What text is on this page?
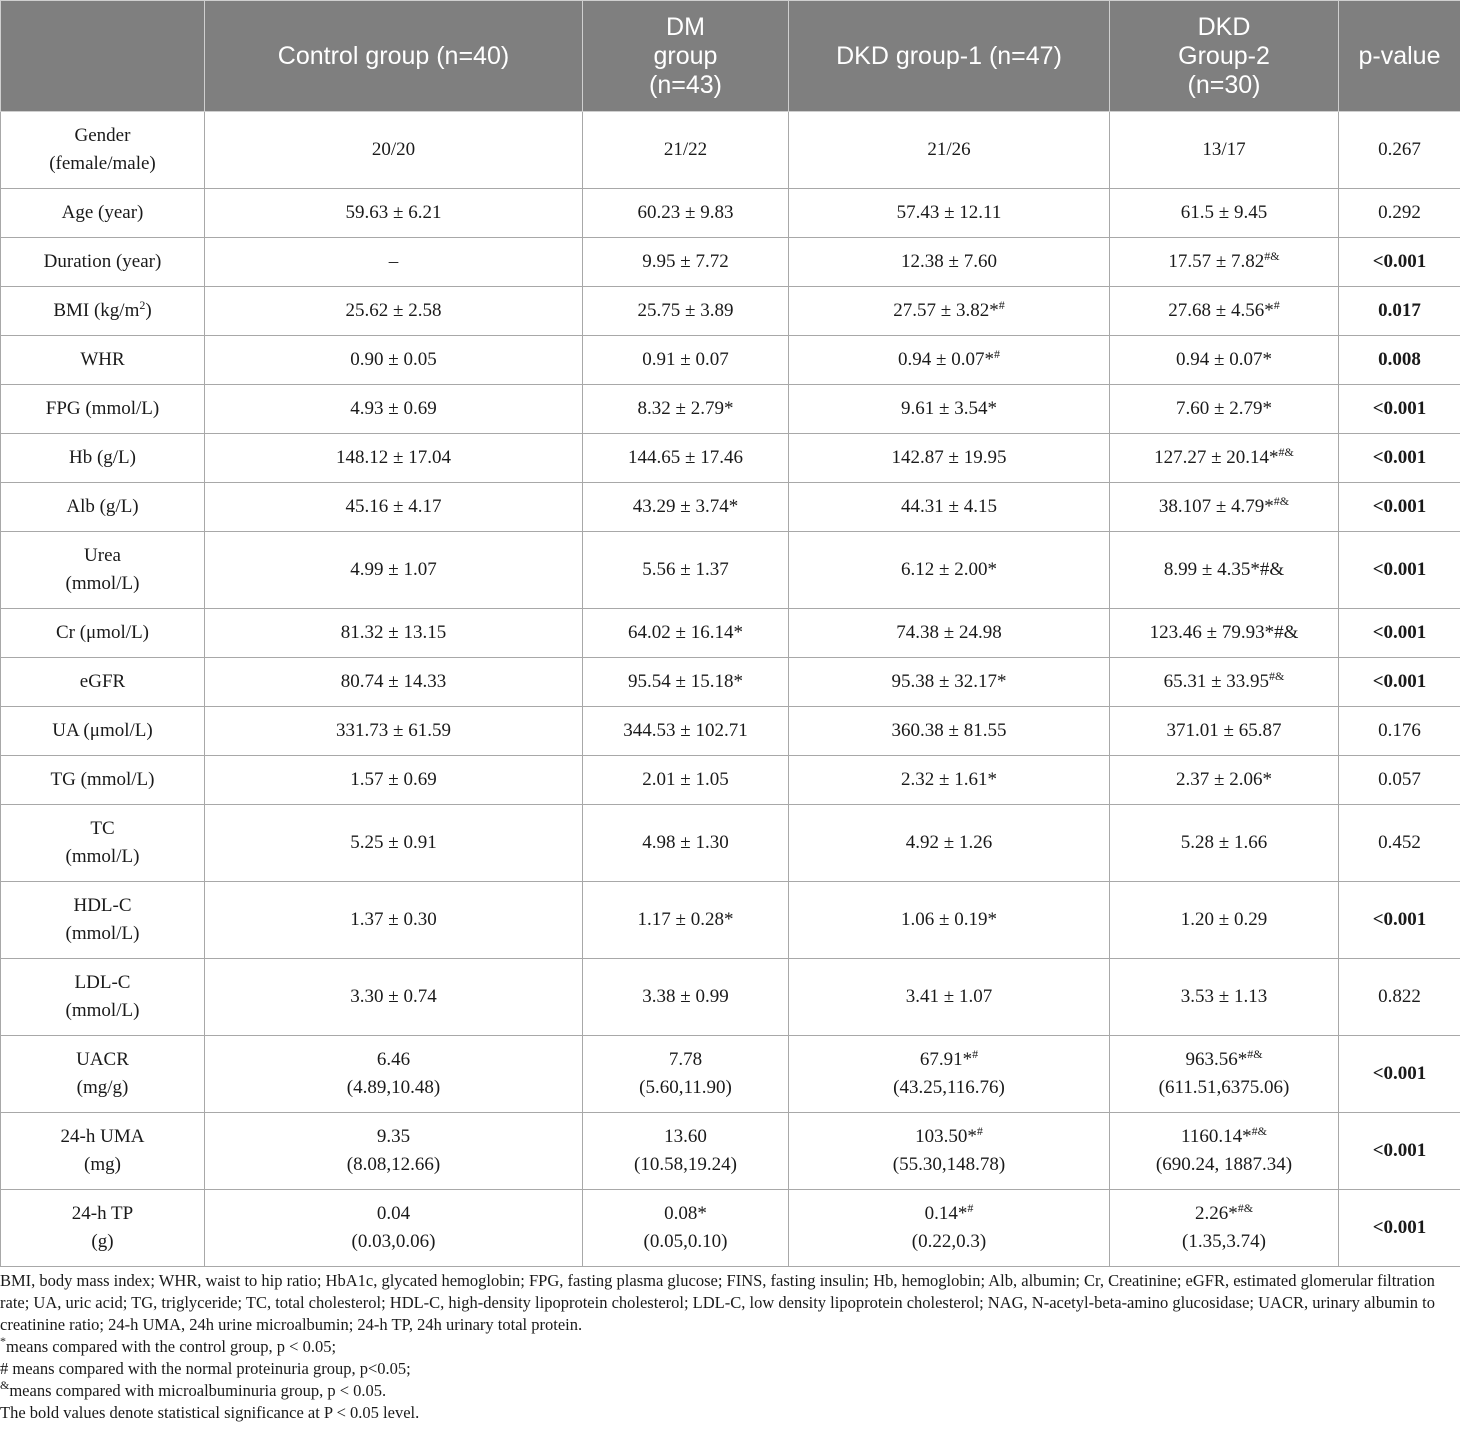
	Control group (n=40)	DM
group
(n=43)	DKD group-1 (n=47)	DKD
Group-2
(n=30)	p-value

Gender
(female/male)	20/20	21/22	21/26	13/17	0.267

Age (year)	59.63 ± 6.21	60.23 ± 9.83	57.43 ± 12.11	61.5 ± 9.45	0.292

Duration (year)	–	9.95 ± 7.72	12.38 ± 7.60	17.57 ± 7.82#&	<0.001
BMI $(kg/m^2)$	25.62 ± 2.58	25.75 ± 3.89	27.57 ± 3.82*#	27.68 ± 4.56*#	0.017

WHR	0.90 ± 0.05	0.91 ± 0.07	0.94 ± 0.07*#	0.94 ± 0.07*	0.008

FPG (mmol/L)	4.93 ± 0.69	8.32 ± 2.79*	9.61 ± 3.54*	7.60 ± 2.79*	<0.001

Hb (g/L)	148.12 ± 17.04	144.65 ± 17.46	142.87 ± 19.95	127.27 ± 20.14*#&	<0.001

Alb (g/L)	45.16 ± 4.17	43.29 ± 3.74*	44.31 ± 4.15	38.107 ± 4.79*#&	<0.001

Urea
(mmol/L)	4.99 ± 1.07	5.56 ± 1.37	6.12 ± 2.00*	8.99 ± 4.35*#&	<0.001

Cr (μmol/L)	81.32 ± 13.15	64.02 ± 16.14*	74.38 ± 24.98	123.46 ± 79.93*#&	<0.001

eGFR	80.74 ± 14.33	95.54 ± 15.18*	95.38 ± 32.17*	65.31 ± 33.95#&	<0.001

UA (μmol/L)	331.73 ± 61.59	344.53 ± 102.71	360.38 ± 81.55	371.01 ± 65.87	0.176

TG (mmol/L)	1.57 ± 0.69	2.01 ± 1.05	2.32 ± 1.61*	2.37 ± 2.06*	0.057

TC
(mmol/L)	5.25 ± 0.91	4.98 ± 1.30	4.92 ± 1.26	5.28 ± 1.66	0.452

HDL-C
(mmol/L)	1.37 ± 0.30	1.17 ± 0.28*	1.06 ± 0.19*	1.20 ± 0.29	<0.001

LDL-C
(mmol/L)	3.30 ± 0.74	3.38 ± 0.99	3.41 ± 1.07	3.53 ± 1.13	0.822

UACR
(mg/g)	6.46
(4.89,10.48)	7.78
(5.60,11.90)	67.91*#
(43.25,116.76)	963.56*#&
(611.51,6375.06)	<0.001

24-h UMA
(mg)	9.35
(8.08,12.66)	13.60
(10.58,19.24)	103.50*#
(55.30,148.78)	1160.14*#&
(690.24, 1887.34)	<0.001

24-h TP
(g)	0.04
(0.03,0.06)	0.08*
(0.05,0.10)	0.14*#
(0.22,0.3)	2.26*#&
(1.35,3.74)	<0.001

BMI, body mass index; WHR, waist to hip ratio; HbA1c, glycated hemoglobin; FPG, fasting plasma glucose; FINS, fasting insulin; Hb, hemoglobin; Alb, albumin; Cr, Creatinine; eGFR, estimated glomerular filtration rate; UA, uric acid; TG, triglyceride; TC, total cholesterol; HDL-C, high-density lipoprotein cholesterol; LDL-C, low density lipoprotein cholesterol; NAG, N-acetyl-beta-amino glucosidase; UACR, urinary albumin to creatinine ratio; 24-h UMA, 24h urine microalbumin; 24-h TP, 24h urinary total protein.

*means compared with the control group, p < 0.05;

# means compared with the normal proteinuria group, p<0.05;

&means compared with microalbuminuria group, p < 0.05.

The bold values denote statistical significance at P < 0.05 level.
